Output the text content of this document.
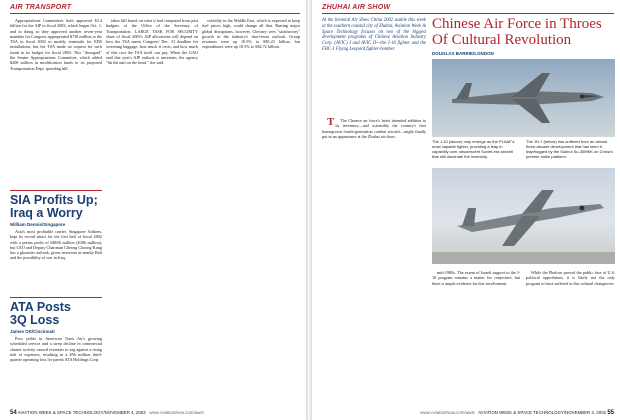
AIR TRANSPORT

Appropriations Committees both approved $3.4 billion for the AIP in fiscal 2003, which began Oct. 1, and in doing so they approved another seven-year mandate for Congress appropriated $738 million to the TSA in fiscal 2002 to modify terminals for EDS installations, but the TSA made no request for such funds in its budget for fiscal 2003. This "disregard" the Senate Appropriations Committee, which added $200 million in modification funds to its proposed Transportation Dept. spending bill.

SIA Profits Up;
Iraq a Worry
William Dennis/Singapore

Asia's most profitable carrier, Singapore Airlines, kept its record intact for the first half of fiscal 2002 with a pretax profit of S$656 million ($386 million), but CEO and Deputy Chairman Cheong Choong Kong has a gloomier outlook, given terrorism in nearby Bali and the possibility of war in Iraq.

ATA Posts
3Q Loss
James Ott/Cincinnati

Poor yields in American Trans Air's growing scheduled service and a steep decline in commercial charter activity caused revenues to sag against a rising tide of expenses, resulting in a $56 million third-quarter operating loss for parent ATA Holdings Corp.

tabus bill based on what it had computed from past budgets of the Office of the Secretary of Transportation. LARGE TASK FOR SECURITY share of fiscal 2003's AIP allocations will depend on how the TSA meets Congress' Dec. 31 deadline for screening baggage, how much it costs, and how much of this cost the TSA itself can pay. When the GAO said this year's AIP outlook is uncertain, the agency "hit the nail on the head," she said.

volatility in the Middle East, which is expected to keep fuel prices high, could change all that. Barring major global disruptions, however, Chesney sees "satisfactory" growth in the industry's short-term outlook. Group revenues were up 10.5% to S$5.23 billion, but expenditures were up 18.5% to S$4.72 billion.

54 AVIATION WEEK & SPACE TECHNOLOGY/NOVEMBER 4, 2002 www.AviationNow.com/awst
ZHUHAI AIR SHOW
Chinese Air Force in Throes Of Cultural Revolution
DOUGLAS BARRIE/LONDON
At the biennial Air Show China 2002 usable this week at the southern coastal city of Zhuhai, Aviation Week & Space Technology focuses on two of the biggest development programs of Chinese Aviation Industry Corp. (AVIC) I and AVIC II—the J-10 fighter and the FBC-1 Flying Leopard fighter-bomber.
The J-10 (above) may emerge as the PLAAF's most capable fighter, providing a leap in capability over obsolescent Soviet-era aircraft that still dominate the inventory.
The JH-7 (below) has suffered from an almost three-decade development that has seen it leapfrogged by the Sukhoi Su-30MKK on China's premier strike platform.

T The Chinese air force's latest intended addition to its inventory—and ostensibly the country's first homegrown fourth-generation combat aircraft—might finally put in an appearance at the Zhuhai air show.

mid-1980s. The extent of Israeli support to the J-10 program remains a matter for conjecture, but there is ample evidence for this involvement.

While the Phalcon proved the public face of U.S. political opprobrium, it is likely not the only program to have suffered in this cultural changeover.

www.AviationNow.com/awst AVIATION WEEK & SPACE TECHNOLOGY/NOVEMBER 4, 2002 55
